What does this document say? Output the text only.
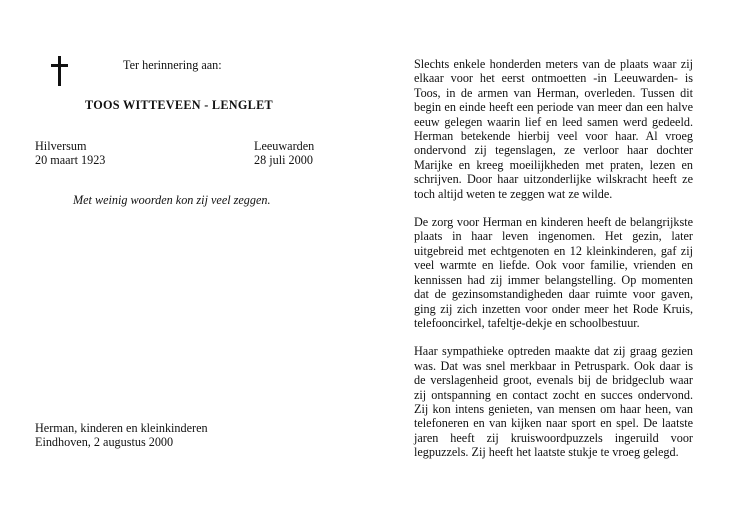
Ter herinnering aan:
TOOS WITTEVEEN - LENGLET
Hilversum
20 maart 1923
Leeuwarden
28 juli 2000
Met weinig woorden kon zij veel zeggen.
Herman, kinderen en kleinkinderen
Eindhoven, 2 augustus 2000

Slechts enkele honderden meters van de plaats waar zij elkaar voor het eerst ontmoetten -in Leeuwarden- is Toos, in de armen van Herman, overleden. Tussen dit begin en einde heeft een periode van meer dan een halve eeuw gelegen waarin lief en leed samen werd gedeeld. Herman betekende hierbij veel voor haar. Al vroeg ondervond zij tegenslagen, ze verloor haar dochter Marijke en kreeg moeilijkheden met praten, lezen en schrijven. Door haar uitzonderlijke wilskracht heeft ze toch altijd weten te zeggen wat ze wilde.

De zorg voor Herman en kinderen heeft de belangrijkste plaats in haar leven ingenomen. Het gezin, later uitgebreid met echtgenoten en 12 kleinkinderen, gaf zij veel warmte en liefde. Ook voor familie, vrienden en kennissen had zij immer belangstelling. Op momenten dat de gezinsomstandigheden daar ruimte voor gaven, ging zij zich inzetten voor onder meer het Rode Kruis, telefooncirkel, tafeltje-dekje en schoolbestuur.

Haar sympathieke optreden maakte dat zij graag gezien was. Dat was snel merkbaar in Petruspark. Ook daar is de verslagenheid groot, evenals bij de bridgeclub waar zij ontspanning en contact zocht en succes ondervond. Zij kon intens genieten, van mensen om haar heen, van telefoneren en van kijken naar sport en spel. De laatste jaren heeft zij kruiswoordpuzzels ingeruild voor legpuzzels. Zij heeft het laatste stukje te vroeg gelegd.
